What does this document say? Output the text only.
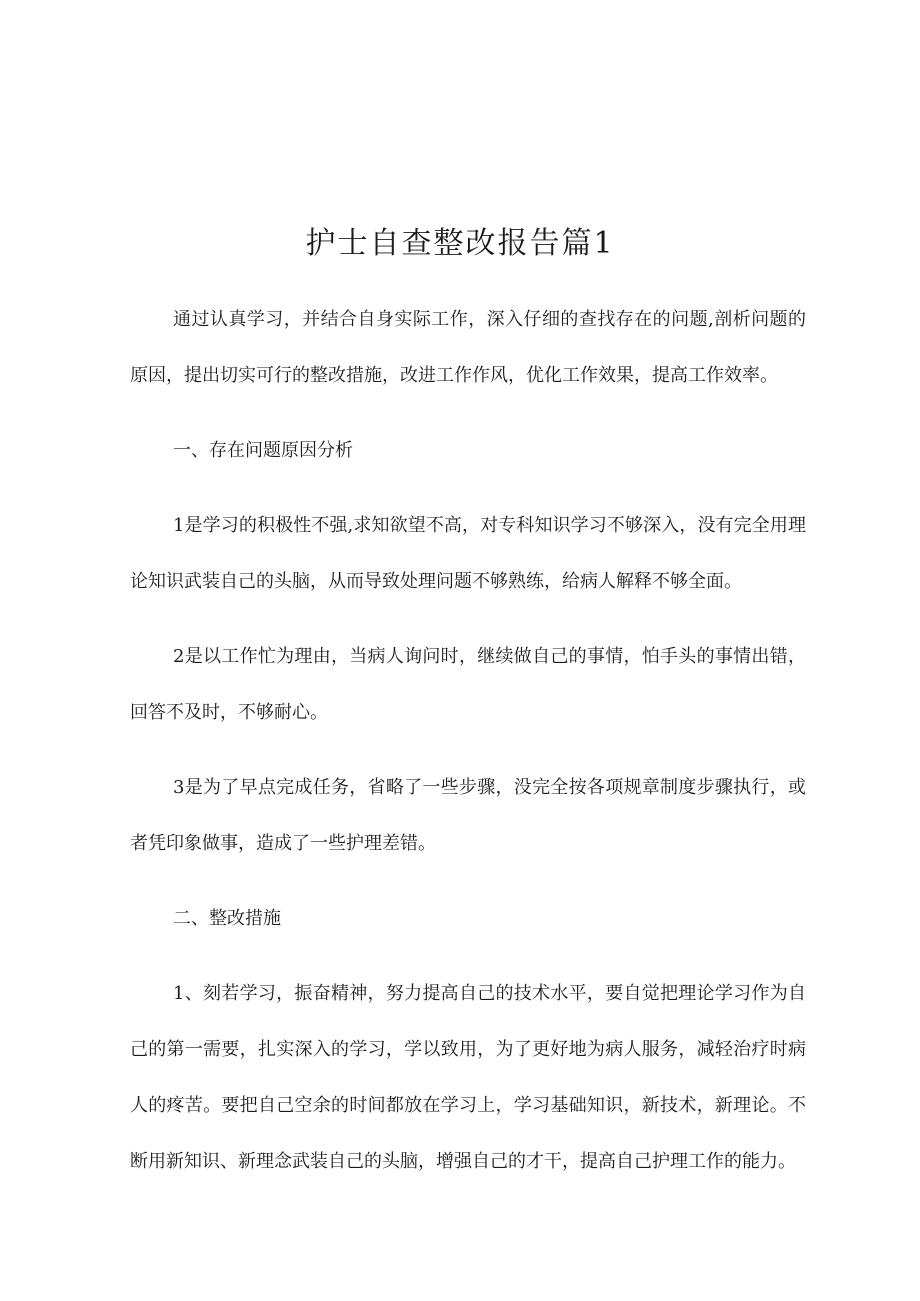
护士自查整改报告篇1

通过认真学习，并结合自身实际工作，深入仔细的查找存在的问题,剖析问题的原因，提出切实可行的整改措施，改进工作作风，优化工作效果，提高工作效率。

一、存在问题原因分析

1是学习的积极性不强,求知欲望不高，对专科知识学习不够深入，没有完全用理论知识武装自己的头脑，从而导致处理问题不够熟练，给病人解释不够全面。

2是以工作忙为理由，当病人询问时，继续做自己的事情，怕手头的事情出错，回答不及时，不够耐心。

3是为了早点完成任务，省略了一些步骤，没完全按各项规章制度步骤执行，或者凭印象做事，造成了一些护理差错。

二、整改措施

1、刻若学习，振奋精神，努力提高自己的技术水平，要自觉把理论学习作为自己的第一需要，扎实深入的学习，学以致用，为了更好地为病人服务，减轻治疗时病人的疼苦。要把自己空余的时间都放在学习上，学习基础知识，新技术，新理论。不断用新知识、新理念武装自己的头脑，增强自己的才干，提高自己护理工作的能力。
